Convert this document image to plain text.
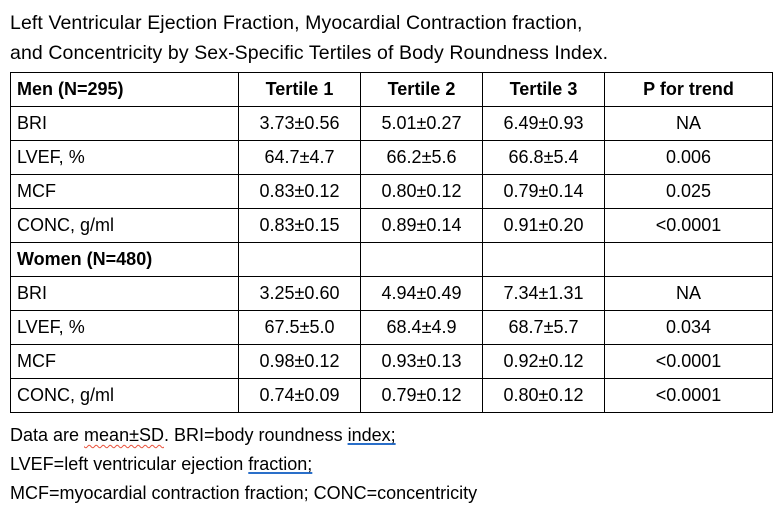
Left Ventricular Ejection Fraction, Myocardial Contraction fraction,
and Concentricity by Sex-Specific Tertiles of Body Roundness Index.
Men (N=295)	Tertile 1	Tertile 2	Tertile 3	P for trend
BRI	3.73±0.56	5.01±0.27	6.49±0.93	NA
LVEF, %	64.7±4.7	66.2±5.6	66.8±5.4	0.006
MCF	0.83±0.12	0.80±0.12	0.79±0.14	0.025
CONC, g/ml	0.83±0.15	0.89±0.14	0.91±0.20	<0.0001
Women (N=480)				
BRI	3.25±0.60	4.94±0.49	7.34±1.31	NA
LVEF, %	67.5±5.0	68.4±4.9	68.7±5.7	0.034
MCF	0.98±0.12	0.93±0.13	0.92±0.12	<0.0001
CONC, g/ml	0.74±0.09	0.79±0.12	0.80±0.12	<0.0001
Data are mean±SD. BRI=body roundness index;
LVEF=left ventricular ejection fraction;
MCF=myocardial contraction fraction; CONC=concentricity
